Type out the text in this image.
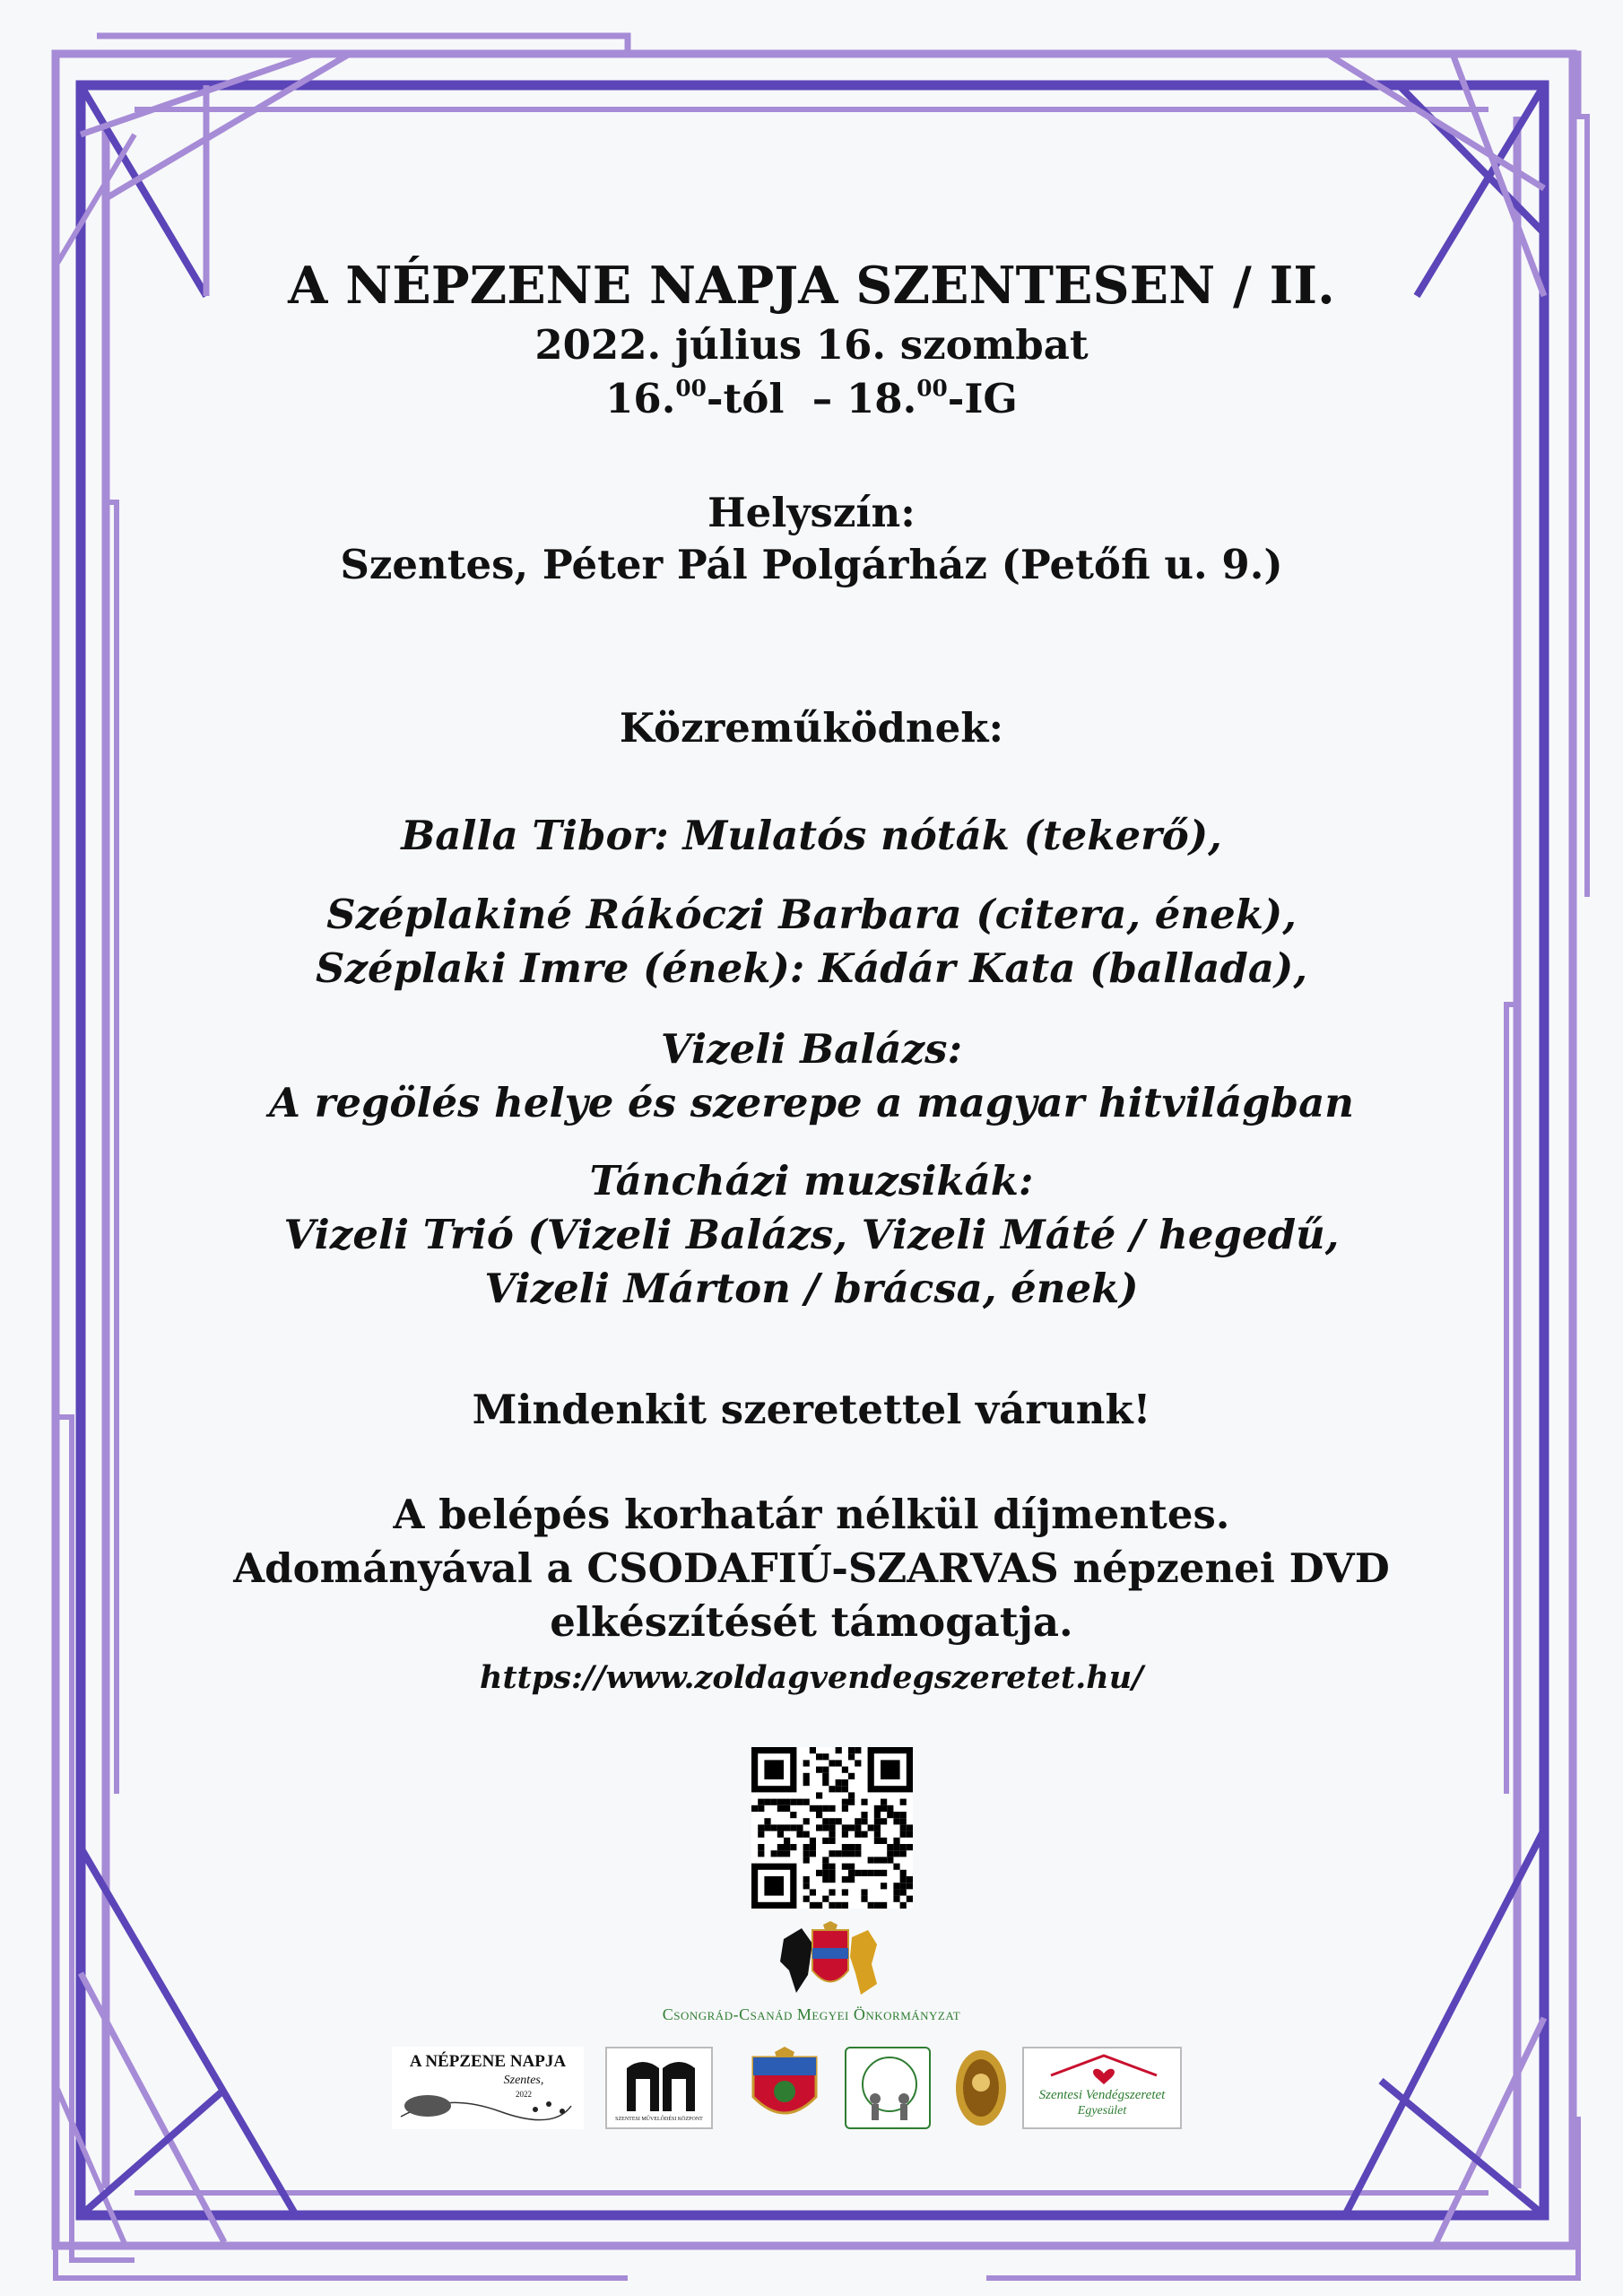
A NÉPZENE NAPJA SZENTESEN / II.
2022. július 16. szombat
16.00-tól  – 18.00-IG
Helyszín:
Szentes, Péter Pál Polgárház (Petőfi u. 9.)
Közreműködnek:
Balla Tibor: Mulatós nóták (tekerő),
Széplakiné Rákóczi Barbara (citera, ének),
Széplaki Imre (ének): Kádár Kata (ballada),
Vizeli Balázs:
A regölés helye és szerepe a magyar hitvilágban
Táncházi muzsikák:
Vizeli Trió (Vizeli Balázs, Vizeli Máté / hegedű,
Vizeli Márton / brácsa, ének)
Mindenkit szeretettel várunk!
A belépés korhatár nélkül díjmentes.
Adományával a CSODAFIÚ-SZARVAS népzenei DVD
elkészítését támogatja.
https://www.zoldagvendegszeretet.hu/
Csongrád-Csanád Megyei Önkormányzat
A NÉPZENE NAPJA
Szentes,
2022
SZENTESI MŰVELŐDÉSI KÖZPONT
Szentesi Vendégszeretet
Egyesület
